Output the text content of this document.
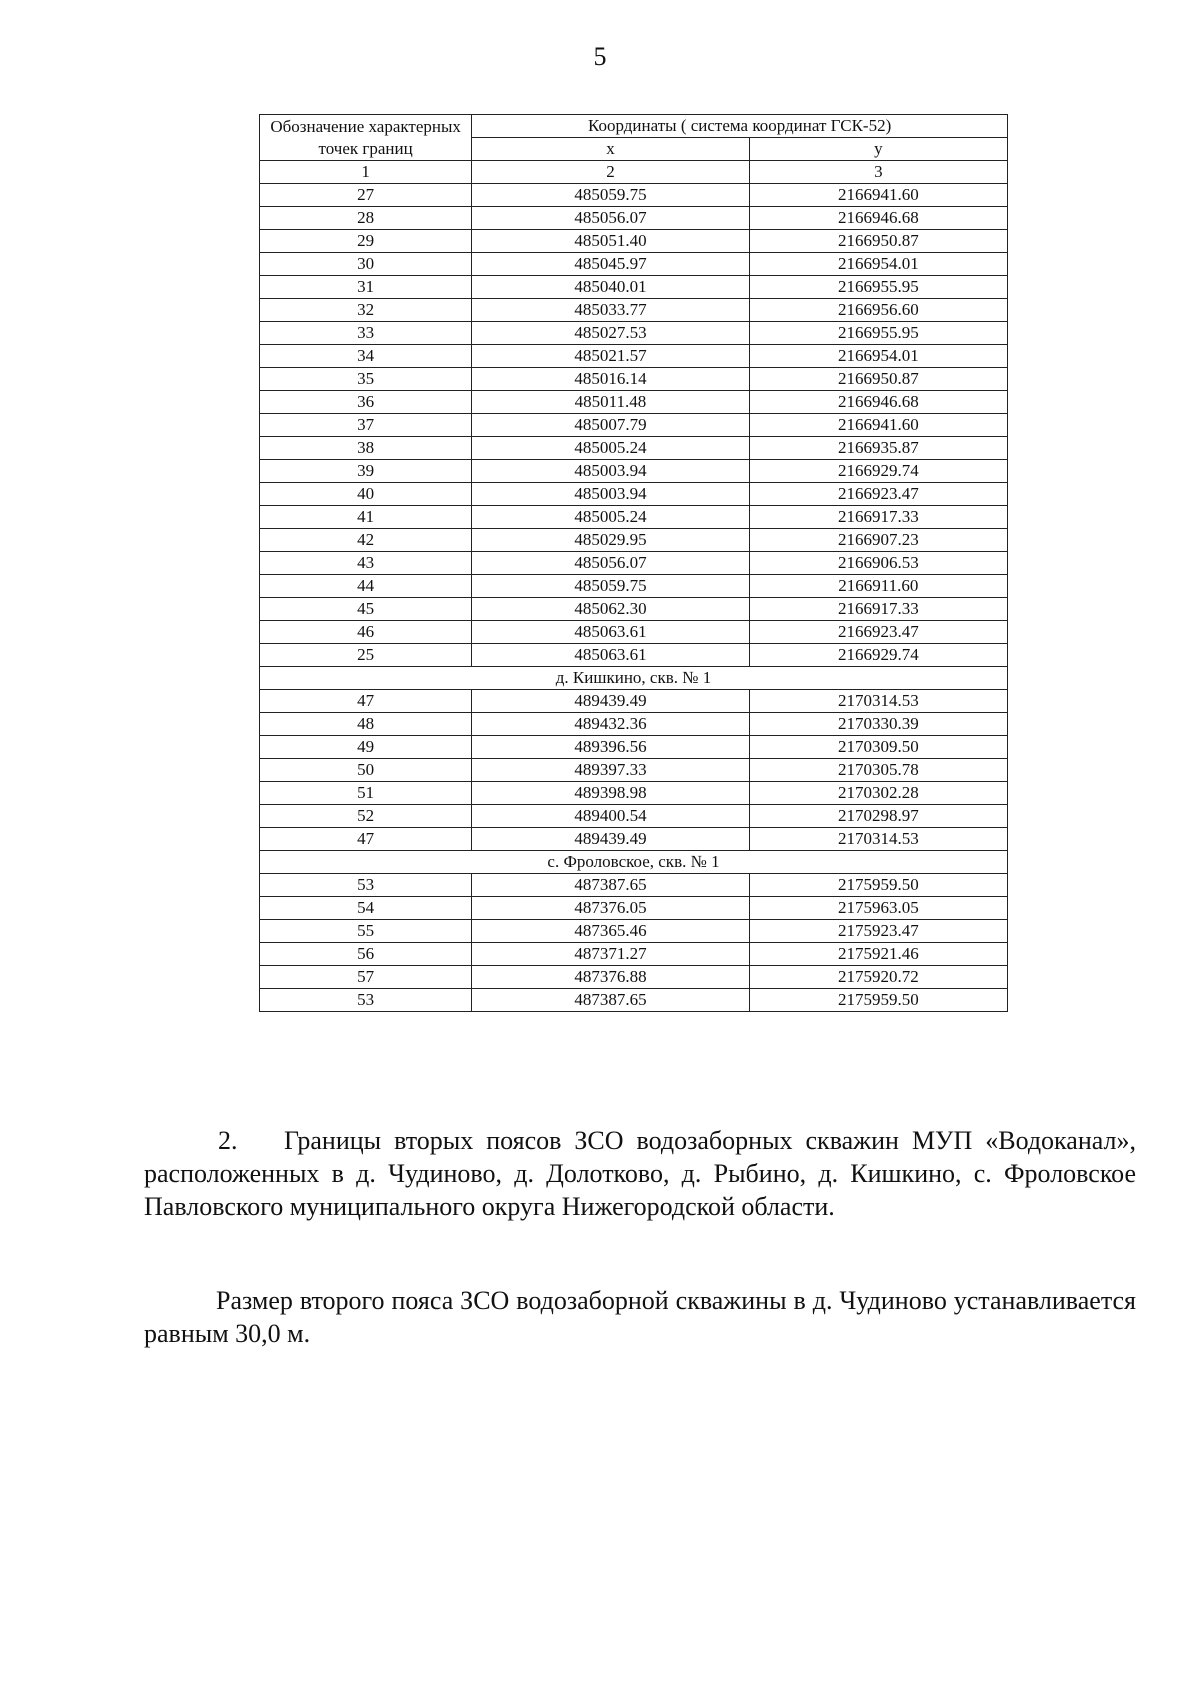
5
Обозначение характерных точек границ	Координаты ( система координат ГСК-52)	
	x	y
1	2	3
27	485059.75	2166941.60
28	485056.07	2166946.68
29	485051.40	2166950.87
30	485045.97	2166954.01
31	485040.01	2166955.95
32	485033.77	2166956.60
33	485027.53	2166955.95
34	485021.57	2166954.01
35	485016.14	2166950.87
36	485011.48	2166946.68
37	485007.79	2166941.60
38	485005.24	2166935.87
39	485003.94	2166929.74
40	485003.94	2166923.47
41	485005.24	2166917.33
42	485029.95	2166907.23
43	485056.07	2166906.53
44	485059.75	2166911.60
45	485062.30	2166917.33
46	485063.61	2166923.47
25	485063.61	2166929.74
д. Кишкино, скв. № 1		
47	489439.49	2170314.53
48	489432.36	2170330.39
49	489396.56	2170309.50
50	489397.33	2170305.78
51	489398.98	2170302.28
52	489400.54	2170298.97
47	489439.49	2170314.53
с. Фроловское, скв. № 1		
53	487387.65	2175959.50
54	487376.05	2175963.05
55	487365.46	2175923.47
56	487371.27	2175921.46
57	487376.88	2175920.72
53	487387.65	2175959.50
2. Границы вторых поясов ЗСО водозаборных скважин МУП «Водоканал», расположенных в д. Чудиново, д. Долотково, д. Рыбино, д. Кишкино, с. Фроловское Павловского муниципального округа Нижегородской области.
Размер второго пояса ЗСО водозаборной скважины в д. Чудиново устанавливается равным 30,0 м.
